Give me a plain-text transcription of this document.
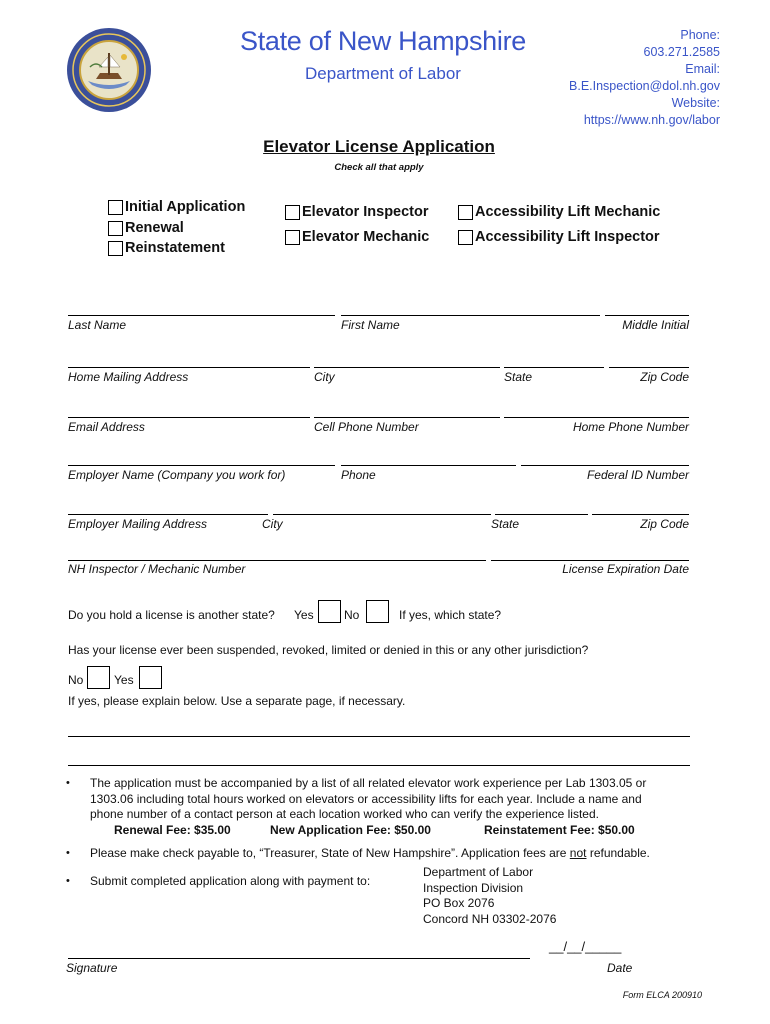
State of New Hampshire
Department of Labor
Phone:
603.271.2585
Email:
B.E.Inspection@dol.nh.gov
Website:
https://www.nh.gov/labor
Elevator License Application
Check all that apply
Initial Application
Renewal
Reinstatement
Elevator Inspector
Elevator Mechanic
Accessibility Lift Mechanic
Accessibility Lift Inspector
Last Name	First Name	Middle Initial
Home Mailing Address	City	State	Zip Code
Email Address	Cell Phone Number	Home Phone Number
Employer Name (Company you work for)	Phone	Federal ID Number
Employer Mailing Address	City	State	Zip Code
NH Inspector / Mechanic Number	License Expiration Date
Do you hold a license is another state? Yes	No	If yes, which state?
Has your license ever been suspended, revoked, limited or denied in this or any other jurisdiction?
No	Yes
If yes, please explain below. Use a separate page, if necessary.
• The application must be accompanied by a list of all related elevator work experience per Lab 1303.05 or
1303.06 including total hours worked on elevators or accessibility lifts for each year. Include a name and
phone number of a contact person at each location worked who can verify the experience listed.
Renewal Fee: $35.00	New Application Fee: $50.00	Reinstatement Fee: $50.00
• Please make check payable to, “Treasurer, State of New Hampshire”. Application fees are not refundable.
• Submit completed application along with payment to:
Department of Labor
Inspection Division
PO Box 2076
Concord NH 03302-2076
Signature
__/__/_____
Date
Form ELCA 200910
